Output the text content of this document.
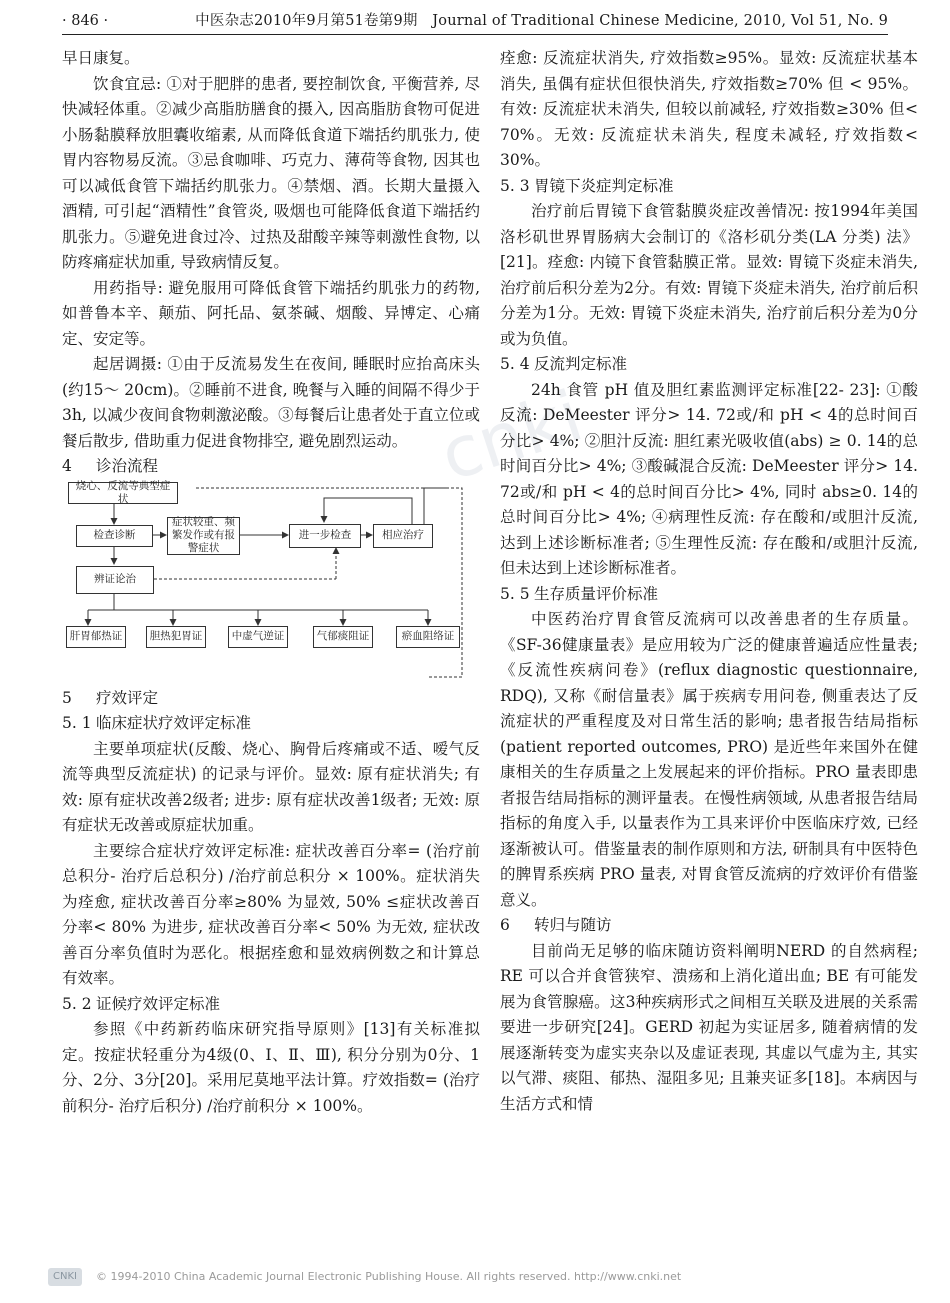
· 846 ·	中医杂志2010年9月第51卷第9期　Journal of Traditional Chinese Medicine, 2010, Vol 51, No. 9
cnki

早日康复。

饮食宜忌: ①对于肥胖的患者, 要控制饮食, 平衡营养, 尽快减轻体重。②减少高脂肪膳食的摄入, 因高脂肪食物可促进小肠黏膜释放胆囊收缩素, 从而降低食道下端括约肌张力, 使胃内容物易反流。③忌食咖啡、巧克力、薄荷等食物, 因其也可以减低食管下端括约肌张力。④禁烟、酒。长期大量摄入酒精, 可引起“酒精性”食管炎, 吸烟也可能降低食道下端括约肌张力。⑤避免进食过冷、过热及甜酸辛辣等刺激性食物, 以防疼痛症状加重, 导致病情反复。

用药指导: 避免服用可降低食管下端括约肌张力的药物, 如普鲁本辛、颠茄、阿托品、氨茶碱、烟酸、异博定、心痛定、安定等。

起居调摄: ①由于反流易发生在夜间, 睡眠时应抬高床头(约15～ 20cm)。②睡前不进食, 晚餐与入睡的间隔不得少于3h, 以减少夜间食物刺激泌酸。③每餐后让患者处于直立位或餐后散步, 借助重力促进食物排空, 避免剧烈运动。

4 诊治流程

烧心、反流等典型症状
检查诊断
症状较重、频繁发作或有报警症状
进一步检查	相应治疗
辨证论治
肝胃郁热证	胆热犯胃证	中虚气逆证	气郁痰阻证	瘀血阻络证

5 疗效评定

5. 1 临床症状疗效评定标准

主要单项症状(反酸、烧心、胸骨后疼痛或不适、嗳气反流等典型反流症状) 的记录与评价。显效: 原有症状消失; 有效: 原有症状改善2级者; 进步: 原有症状改善1级者; 无效: 原有症状无改善或原症状加重。

主要综合症状疗效评定标准: 症状改善百分率= (治疗前总积分- 治疗后总积分) /治疗前总积分 × 100%。症状消失为痊愈, 症状改善百分率≥80% 为显效, 50% ≤症状改善百分率< 80% 为进步, 症状改善百分率< 50% 为无效, 症状改善百分率负值时为恶化。根据痊愈和显效病例数之和计算总有效率。

5. 2 证候疗效评定标准

参照《中药新药临床研究指导原则》[13]有关标准拟定。按症状轻重分为4级(0、Ⅰ、Ⅱ、Ⅲ), 积分分别为0分、1分、2分、3分[20]。采用尼莫地平法计算。疗效指数= (治疗前积分- 治疗后积分) /治疗前积分 × 100%。

痊愈: 反流症状消失, 疗效指数≥95%。显效: 反流症状基本消失, 虽偶有症状但很快消失, 疗效指数≥70% 但 < 95%。有效: 反流症状未消失, 但较以前减轻, 疗效指数≥30% 但< 70%。无效: 反流症状未消失, 程度未减轻, 疗效指数< 30%。

5. 3 胃镜下炎症判定标准

治疗前后胃镜下食管黏膜炎症改善情况: 按1994年美国洛杉矶世界胃肠病大会制订的《洛杉矶分类(LA 分类) 法》[21]。痊愈: 内镜下食管黏膜正常。显效: 胃镜下炎症未消失, 治疗前后积分差为2分。有效: 胃镜下炎症未消失, 治疗前后积分差为1分。无效: 胃镜下炎症未消失, 治疗前后积分差为0分或为负值。

5. 4 反流判定标准

24h 食管 pH 值及胆红素监测评定标准[22- 23]: ①酸反流: DeMeester 评分> 14. 72或/和 pH < 4的总时间百分比> 4%; ②胆汁反流: 胆红素光吸收值(abs) ≥ 0. 14的总时间百分比> 4%; ③酸碱混合反流: DeMeester 评分> 14. 72或/和 pH < 4的总时间百分比> 4%, 同时 abs≥0. 14的总时间百分比> 4%; ④病理性反流: 存在酸和/或胆汁反流, 达到上述诊断标准者; ⑤生理性反流: 存在酸和/或胆汁反流, 但未达到上述诊断标准者。

5. 5 生存质量评价标准

中医药治疗胃食管反流病可以改善患者的生存质量。《SF-36健康量表》是应用较为广泛的健康普遍适应性量表;《反流性疾病问卷》(reflux diagnostic questionnaire, RDQ), 又称《耐信量表》属于疾病专用问卷, 侧重表达了反流症状的严重程度及对日常生活的影响; 患者报告结局指标 (patient reported outcomes, PRO) 是近些年来国外在健康相关的生存质量之上发展起来的评价指标。PRO 量表即患者报告结局指标的测评量表。在慢性病领域, 从患者报告结局指标的角度入手, 以量表作为工具来评价中医临床疗效, 已经逐渐被认可。借鉴量表的制作原则和方法, 研制具有中医特色的脾胃系疾病 PRO 量表, 对胃食管反流病的疗效评价有借鉴意义。

6 转归与随访

目前尚无足够的临床随访资料阐明NERD 的自然病程; RE 可以合并食管狭窄、溃疡和上消化道出血; BE 有可能发展为食管腺癌。这3种疾病形式之间相互关联及进展的关系需要进一步研究[24]。GERD 初起为实证居多, 随着病情的发展逐渐转变为虚实夹杂以及虚证表现, 其虚以气虚为主, 其实以气滞、痰阻、郁热、湿阻多见; 且兼夹证多[18]。本病因与生活方式和情

CNKI	© 1994-2010 China Academic Journal Electronic Publishing House. All rights reserved. http://www.cnki.net
